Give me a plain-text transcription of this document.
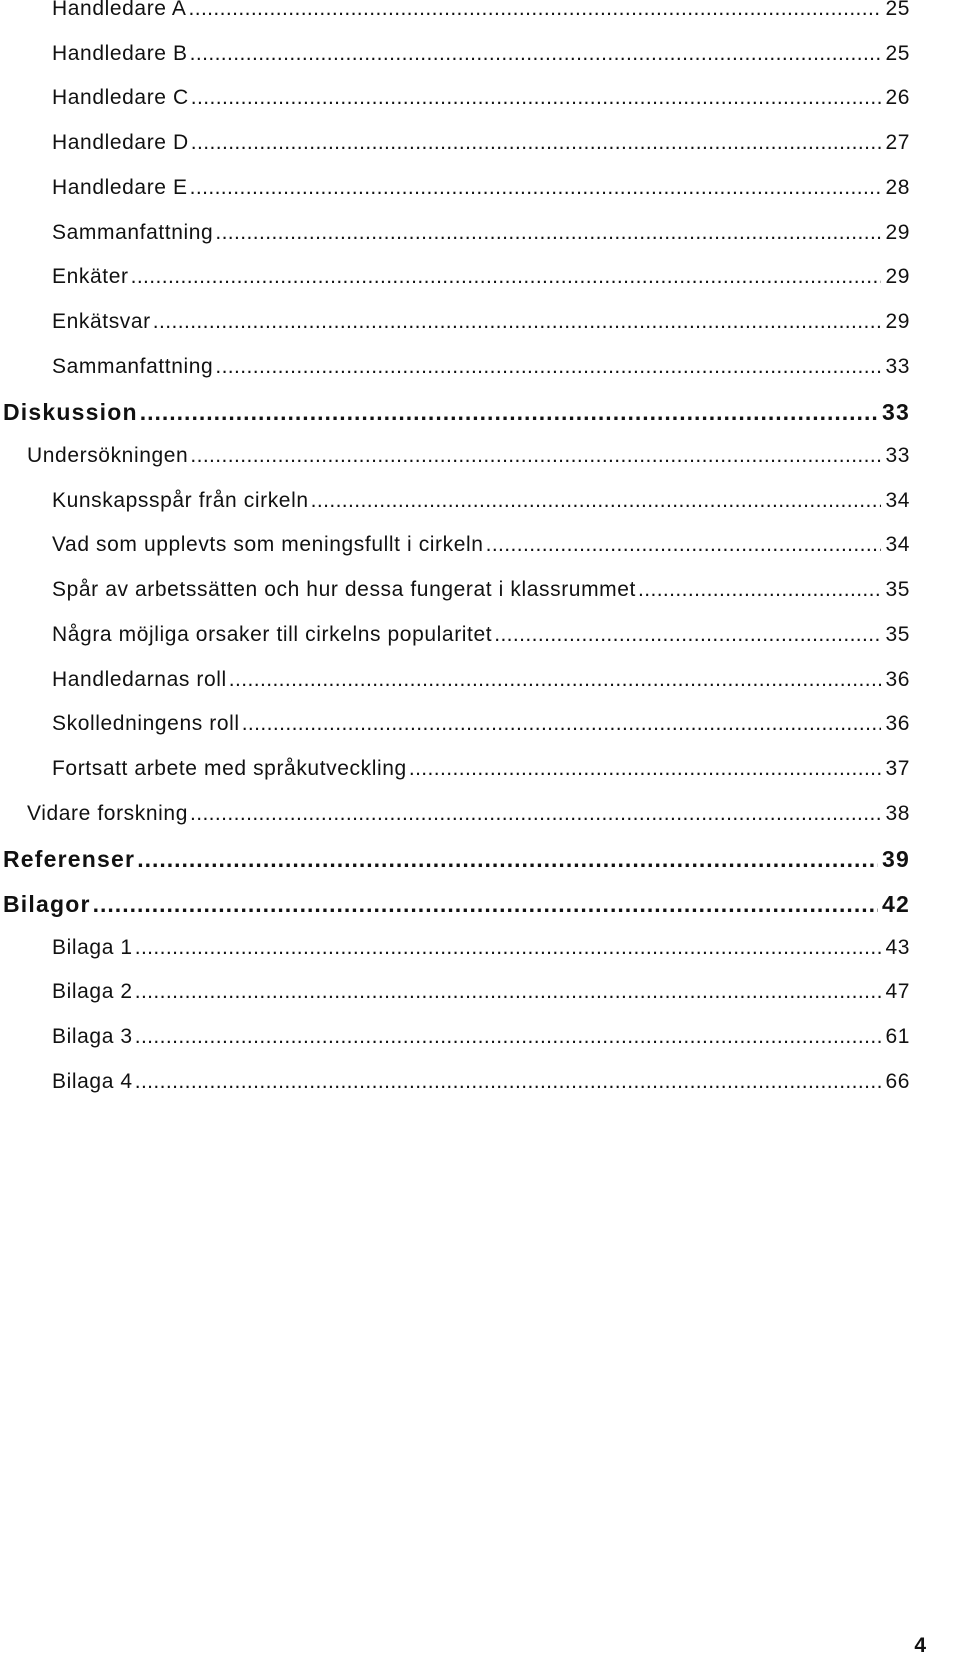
Handledare A .....	25
Handledare B .....	25
Handledare C .....	26
Handledare D .....	27
Handledare E .....	28
Sammanfattning .....	29
Enkäter .....	29
Enkätsvar .....	29
Sammanfattning .....	33
Diskussion .....	33
Undersökningen .....	33
Kunskapsspår från cirkeln .....	34
Vad som upplevts som meningsfullt i cirkeln .....	34
Spår av arbetssätten och hur dessa fungerat i klassrummet .....	35
Några möjliga orsaker till cirkelns popularitet .....	35
Handledarnas roll .....	36
Skolledningens roll .....	36
Fortsatt arbete med språkutveckling .....	37
Vidare forskning .....	38
Referenser .....	39
Bilagor .....	42
Bilaga 1 .....	43
Bilaga 2 .....	47
Bilaga 3 .....	61
Bilaga 4 .....	66
4
